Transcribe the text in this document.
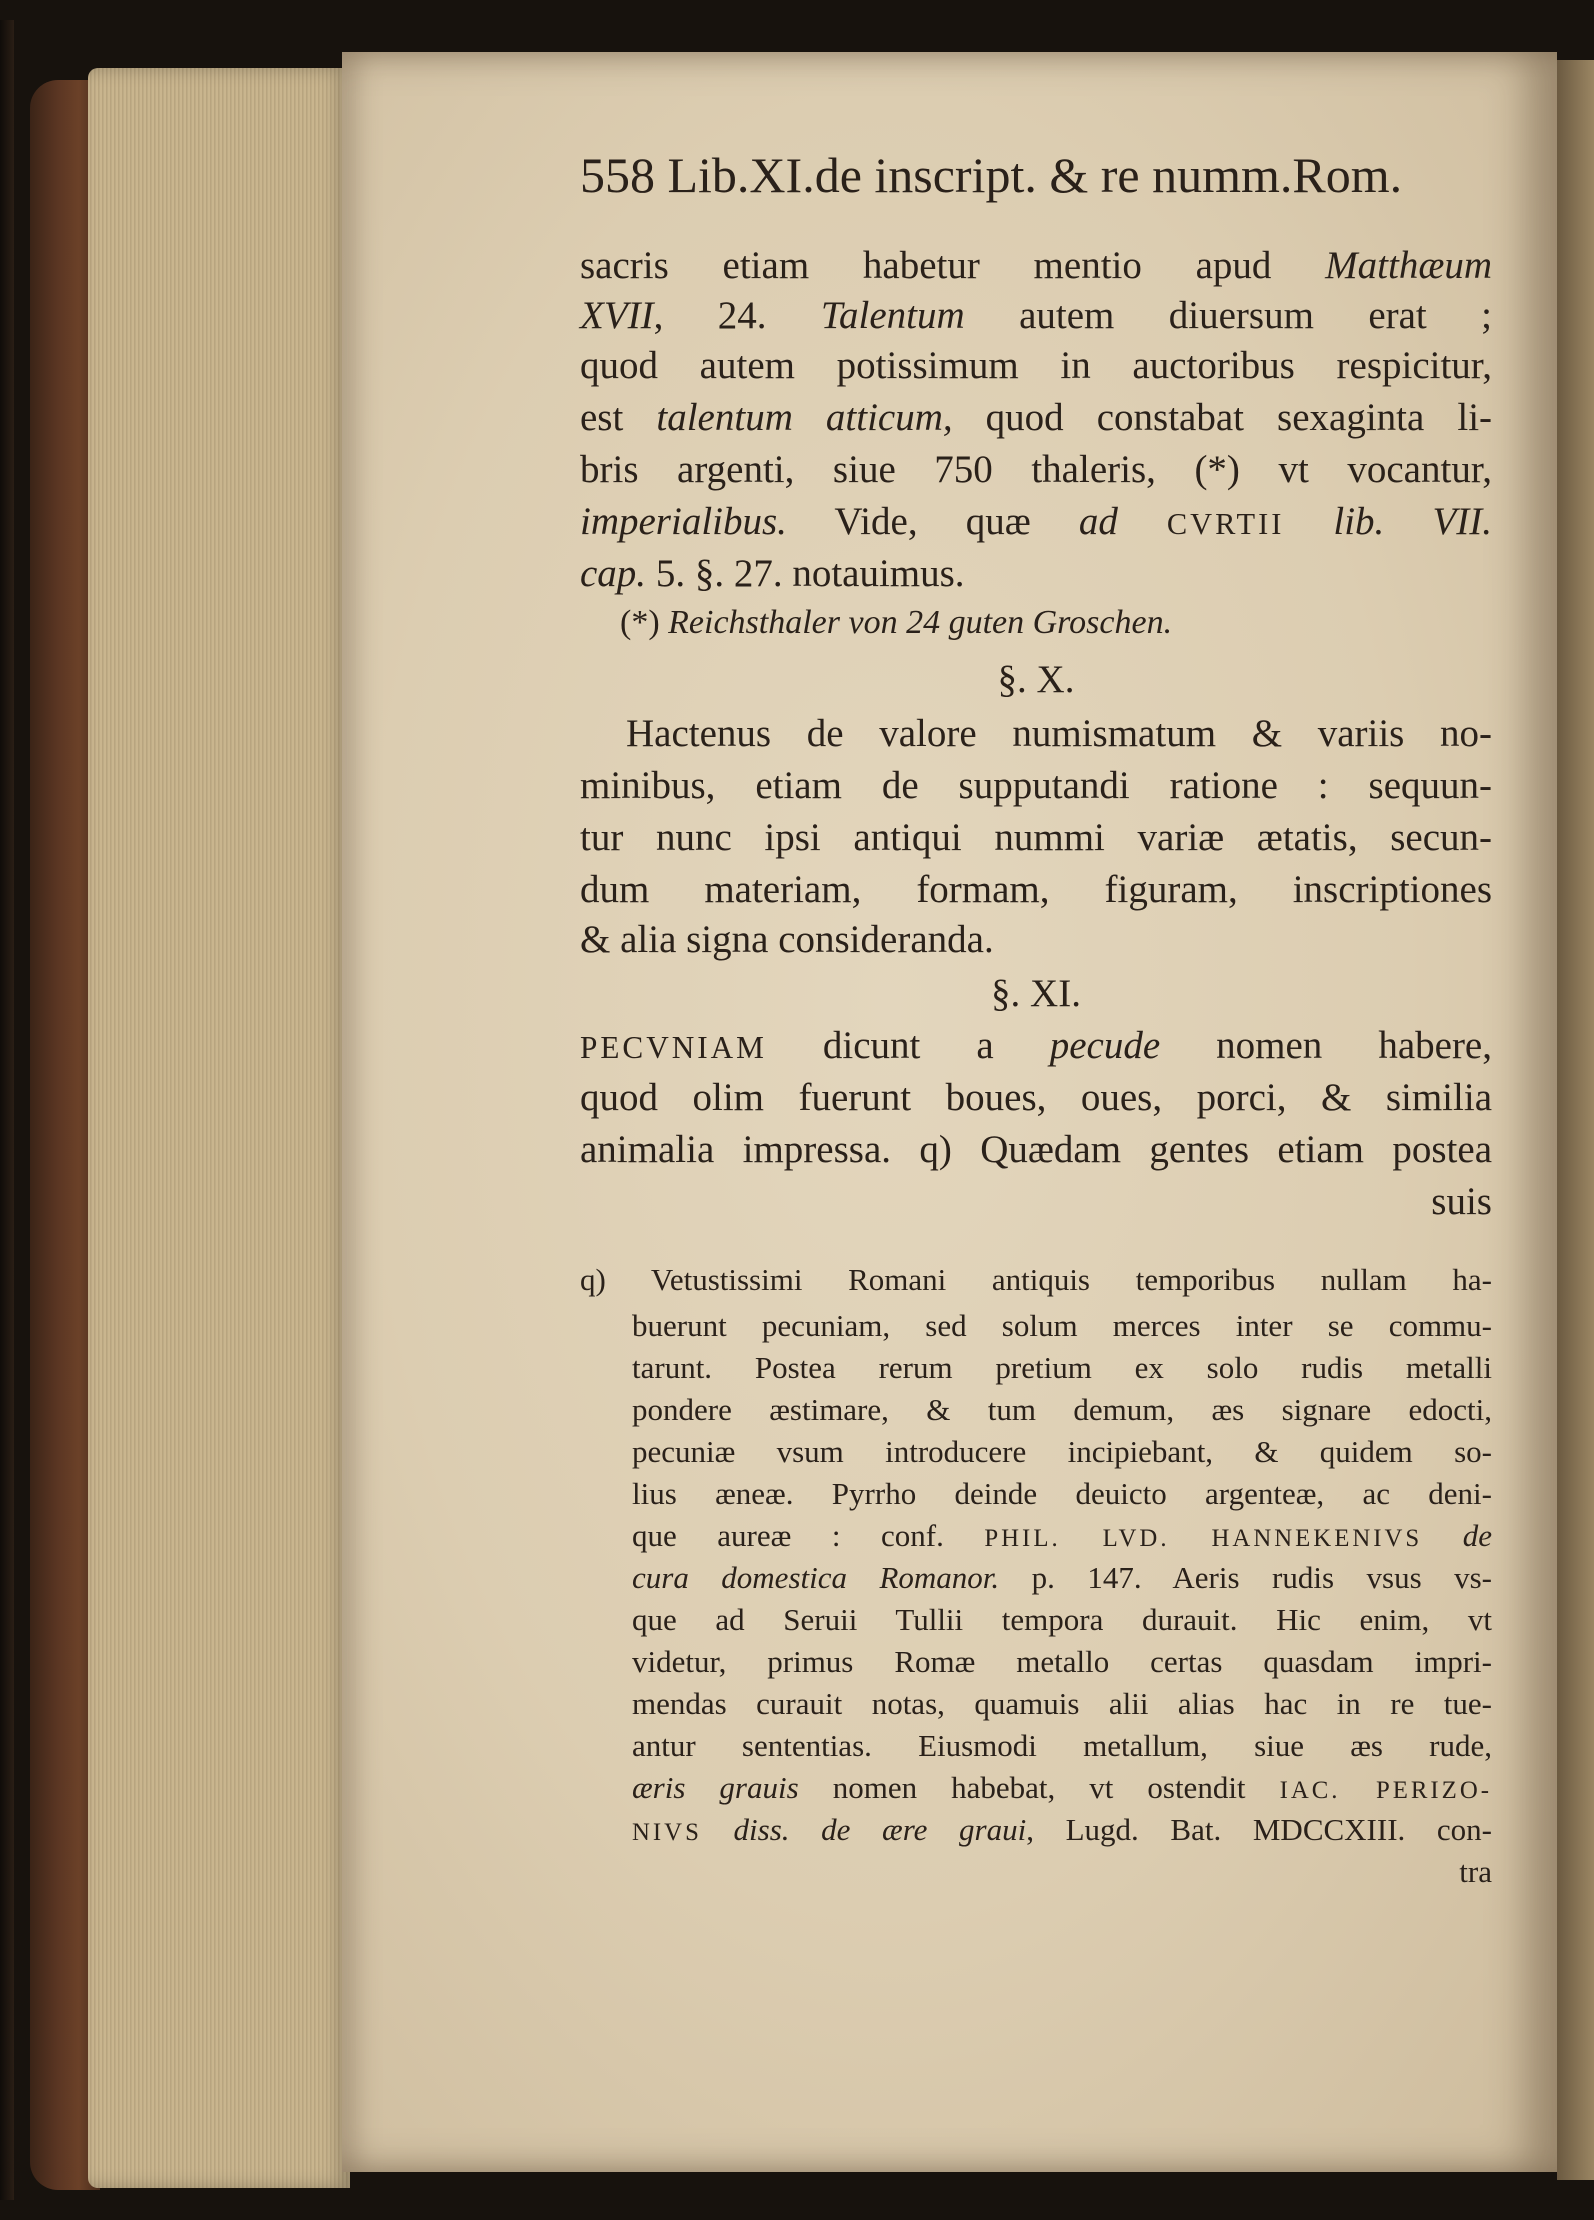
558 Lib.XI.de inscript. & re numm.Rom.
sacris etiam habetur mentio apud Matthæum
XVII, 24. Talentum autem diuersum erat ;
quod autem potissimum in auctoribus respicitur,
est talentum atticum, quod constabat sexaginta li-
bris argenti, siue 750 thaleris, (*) vt vocantur,
imperialibus. Vide, quæ ad CVRTII lib. VII.
cap. 5. §. 27. notauimus.
(*) Reichsthaler von 24 guten Groschen.
§. X.
Hactenus de valore numismatum & variis no-
minibus, etiam de supputandi ratione : sequun-
tur nunc ipsi antiqui nummi variæ ætatis, secun-
dum materiam, formam, figuram, inscriptiones
& alia signa consideranda.
§. XI.
PECVNIAM dicunt a pecude nomen habere,
quod olim fuerunt boues, oues, porci, & similia
animalia impressa. q) Quædam gentes etiam postea
suis
q) Vetustissimi Romani antiquis temporibus nullam ha-
buerunt pecuniam, sed solum merces inter se commu-
tarunt. Postea rerum pretium ex solo rudis metalli
pondere æstimare, & tum demum, æs signare edocti,
pecuniæ vsum introducere incipiebant, & quidem so-
lius æneæ. Pyrrho deinde deuicto argenteæ, ac deni-
que aureæ : conf. PHIL. LVD. HANNEKENIVS de
cura domestica Romanor. p. 147. Aeris rudis vsus vs-
que ad Seruii Tullii tempora durauit. Hic enim, vt
videtur, primus Romæ metallo certas quasdam impri-
mendas curauit notas, quamuis alii alias hac in re tue-
antur sententias. Eiusmodi metallum, siue æs rude,
æris grauis nomen habebat, vt ostendit IAC. PERIZO-
NIVS diss. de ære graui, Lugd. Bat. MDCCXIII. con-
tra
